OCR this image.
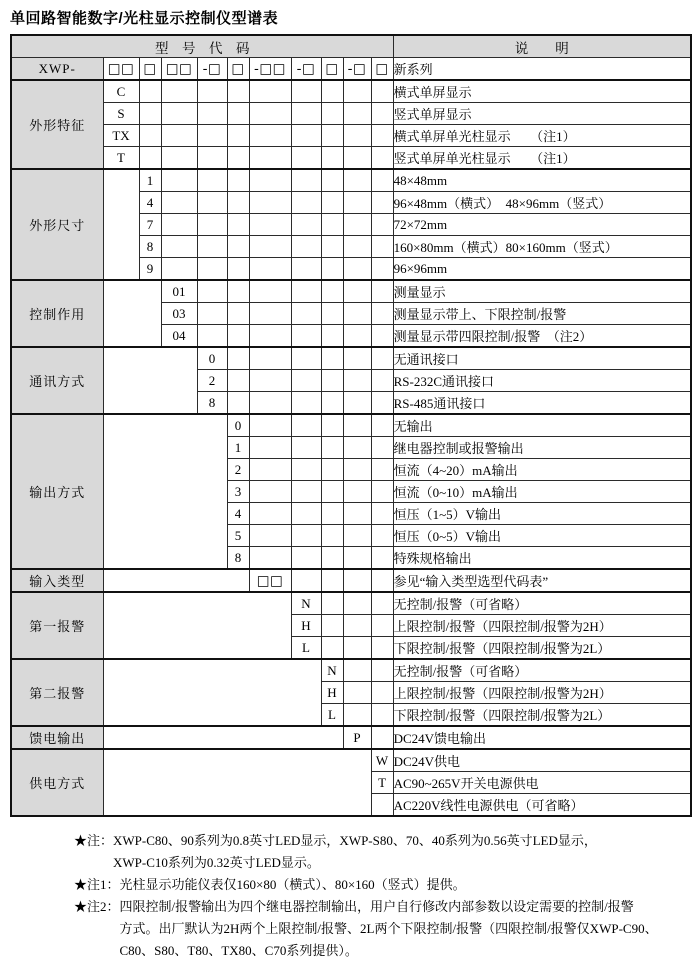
单回路智能数字/光柱显示控制仪型谱表
型　号　代　码											说　　明
XWP-	□□	□	□□	-□	□	-□□	-□	□	-□	□	新系列
外形特征	C										横式单屏显示
	S										竖式单屏显示
	TX										横式单屏单光柱显示　　（注1）
	T										竖式单屏单光柱显示　　（注1）
外形尺寸		1									48×48mm
		4									96×48mm（横式）　48×96mm（竖式）
		7									72×72mm
		8									160×80mm（横式）80×160mm（竖式）
		9									96×96mm
控制作用			01								测量显示
			03								测量显示带上、下限控制/报警
			04								测量显示带四限控制/报警　（注2）
通讯方式				0							无通讯接口
				2							RS-232C通讯接口
				8							RS-485通讯接口
输出方式					0						无输出
					1						继电器控制或报警输出
					2						恒流（4~20）mA输出
					3						恒流（0~10）mA输出
					4						恒压（1~5）V输出
					5						恒压（0~5）V输出
					8						特殊规格输出
输入类型						□□					参见“输入类型选型代码表”
第一报警							N				无控制/报警（可省略）
							H				上限控制/报警（四限控制/报警为2H）
							L				下限控制/报警（四限控制/报警为2L）
第二报警								N			无控制/报警（可省略）
								H			上限控制/报警（四限控制/报警为2H）
								L			下限控制/报警（四限控制/报警为2L）
馈电输出									P		DC24V馈电输出
供电方式										W	DC24V供电
										T	AC90~265V开关电源供电
											AC220V线性电源供电（可省略）
★注： XWP-C80、90系列为0.8英寸LED显示，XWP-S80、70、40系列为0.56英寸LED显示，
XWP-C10系列为0.32英寸LED显示。
★注1： 光柱显示功能仪表仅160×80（横式）、80×160（竖式）提供。
★注2： 四限控制/报警输出为四个继电器控制输出，用户自行修改内部参数以设定需要的控制/报警
方式。出厂默认为2H两个上限控制/报警、2L两个下限控制/报警（四限控制/报警仅XWP-C90、
C80、S80、T80、TX80、C70系列提供）。
